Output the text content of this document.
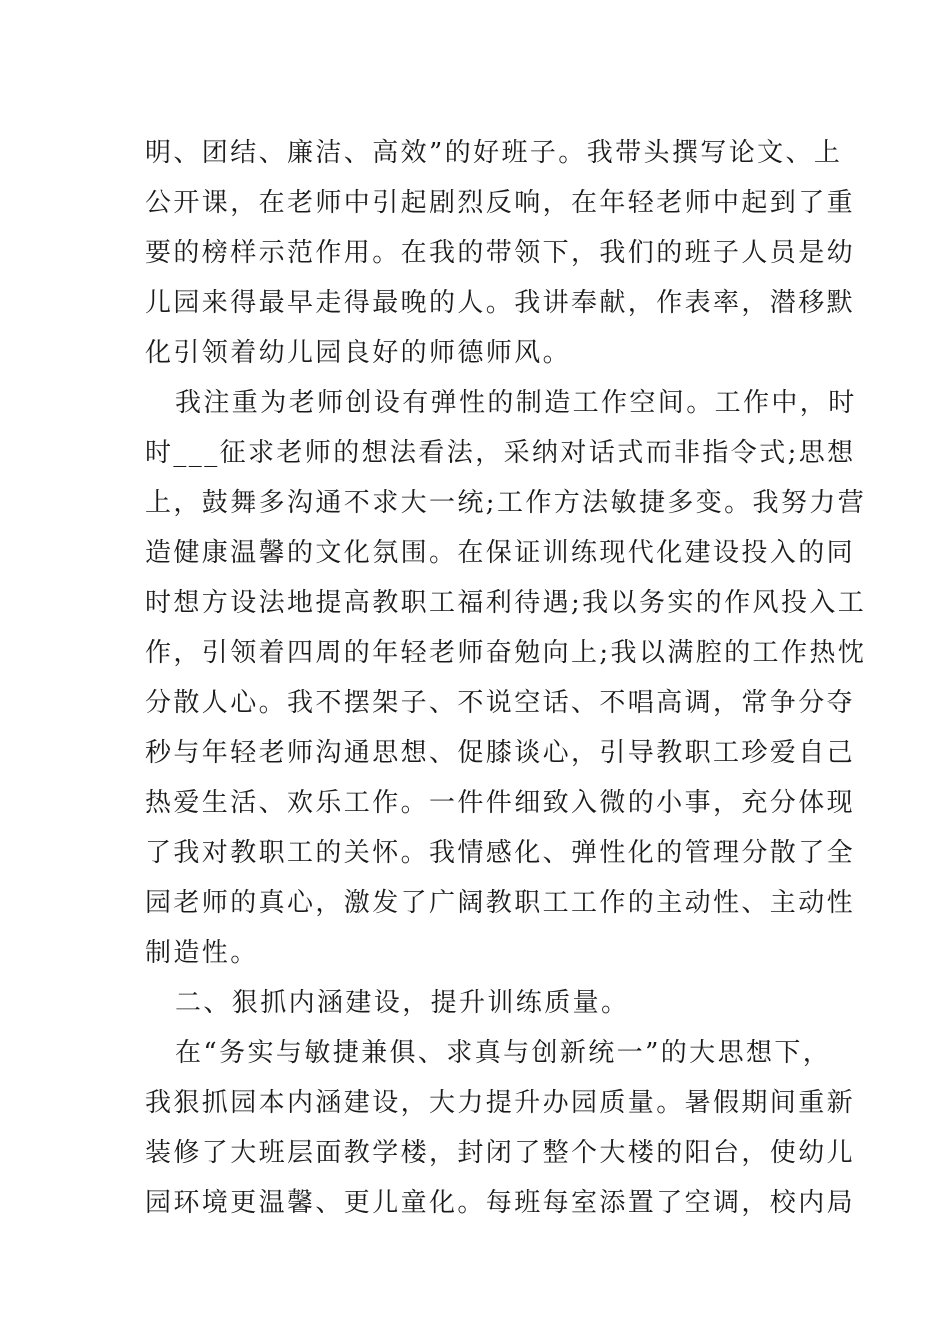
明、团结、廉洁、高效”的好班子。我带头撰写论文、上
公开课，在老师中引起剧烈反响，在年轻老师中起到了重
要的榜样示范作用。在我的带领下，我们的班子人员是幼
儿园来得最早走得最晚的人。我讲奉献，作表率，潜移默
化引领着幼儿园良好的师德师风。
我注重为老师创设有弹性的制造工作空间。工作中，时
时___征求老师的想法看法，采纳对话式而非指令式;思想
上，鼓舞多沟通不求大一统;工作方法敏捷多变。我努力营
造健康温馨的文化氛围。在保证训练现代化建设投入的同
时想方设法地提高教职工福利待遇;我以务实的作风投入工
作，引领着四周的年轻老师奋勉向上;我以满腔的工作热忱
分散人心。我不摆架子、不说空话、不唱高调，常争分夺
秒与年轻老师沟通思想、促膝谈心，引导教职工珍爱自己
热爱生活、欢乐工作。一件件细致入微的小事，充分体现
了我对教职工的关怀。我情感化、弹性化的管理分散了全
园老师的真心，激发了广阔教职工工作的主动性、主动性
制造性。
二、狠抓内涵建设，提升训练质量。
在“务实与敏捷兼俱、求真与创新统一”的大思想下，
我狠抓园本内涵建设，大力提升办园质量。暑假期间重新
装修了大班层面教学楼，封闭了整个大楼的阳台，使幼儿
园环境更温馨、更儿童化。每班每室添置了空调，校内局
